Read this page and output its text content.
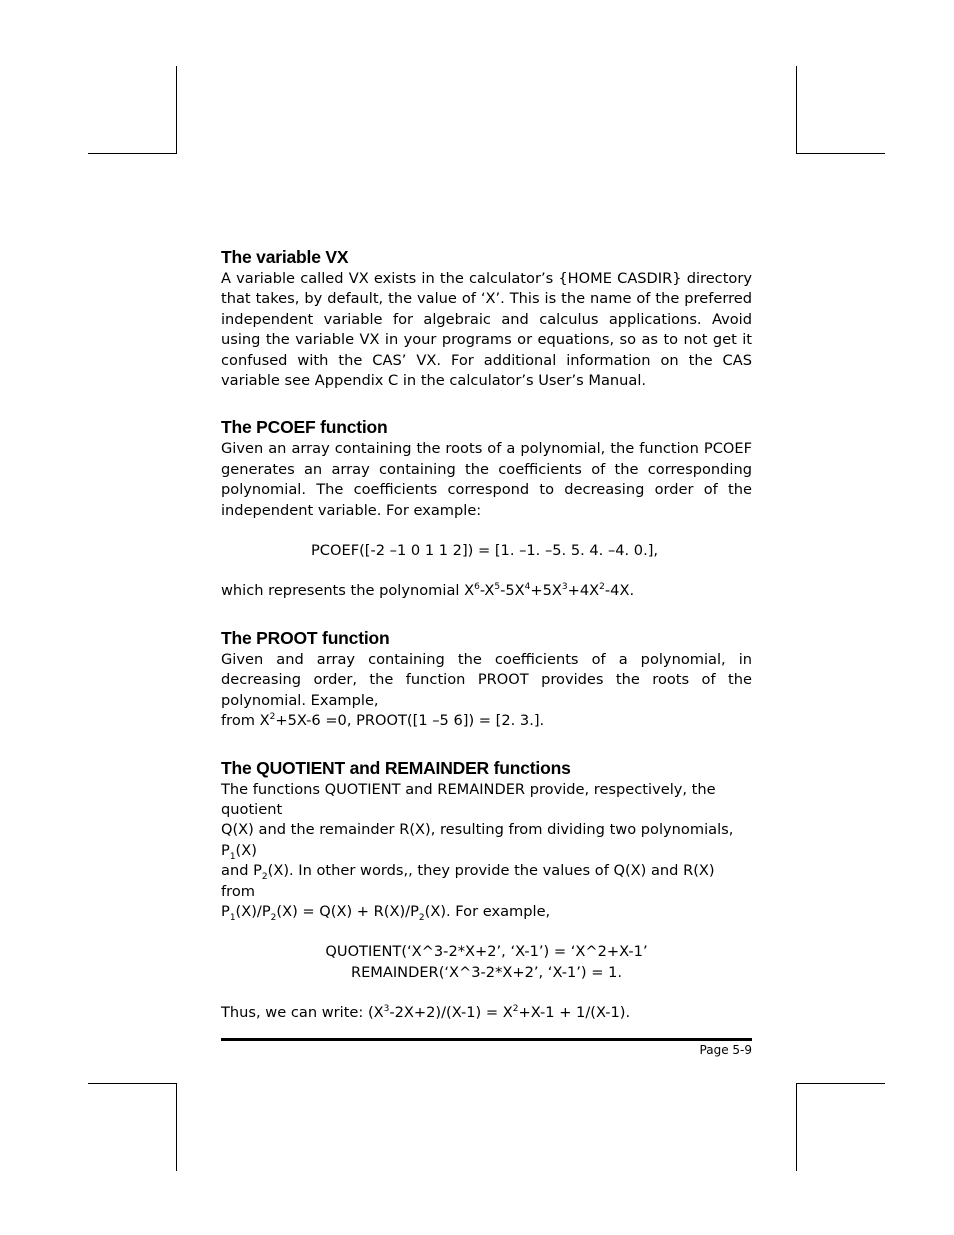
The variable VX

A variable called VX exists in the calculator’s {HOME CASDIR} directory that takes, by default, the value of ‘X’. This is the name of the preferred independent variable for algebraic and calculus applications. Avoid using the variable VX in your programs or equations, so as to not get it confused with the CAS’ VX. For additional information on the CAS variable see Appendix C in the calculator’s User’s Manual.

The PCOEF function

Given an array containing the roots of a polynomial, the function PCOEF generates an array containing the coefficients of the corresponding polynomial. The coefficients correspond to decreasing order of the independent variable. For example:

PCOEF([-2 –1 0 1 1 2]) = [1. –1. –5. 5. 4. –4. 0.],

which represents the polynomial $X^6-X^5-5X^4+5X^3+4X^2-4X$.

The PROOT function

Given and array containing the coefficients of a polynomial, in decreasing order, the function PROOT provides the roots of the polynomial. Example,

from $X^2+5X-6 =0$, PROOT([1 –5 6]) = [2. 3.].

The QUOTIENT and REMAINDER functions

The functions QUOTIENT and REMAINDER provide, respectively, the quotient

Q(X) and the remainder R(X), resulting from dividing two polynomials, $P_1(X)$

and $P_2(X)$. In other words,, they provide the values of Q(X) and R(X) from

$P_1(X)/P_2(X) = Q(X) + R(X)/P_2(X)$. For example,

QUOTIENT(‘X^3-2*X+2’, ‘X-1’) = ‘X^2+X-1’

REMAINDER(‘X^3-2*X+2’, ‘X-1’) = 1.

Thus, we can write: $(X^3-2X+2)/(X-1) = X^2+X-1 + 1/(X-1)$.

Page 5-9
